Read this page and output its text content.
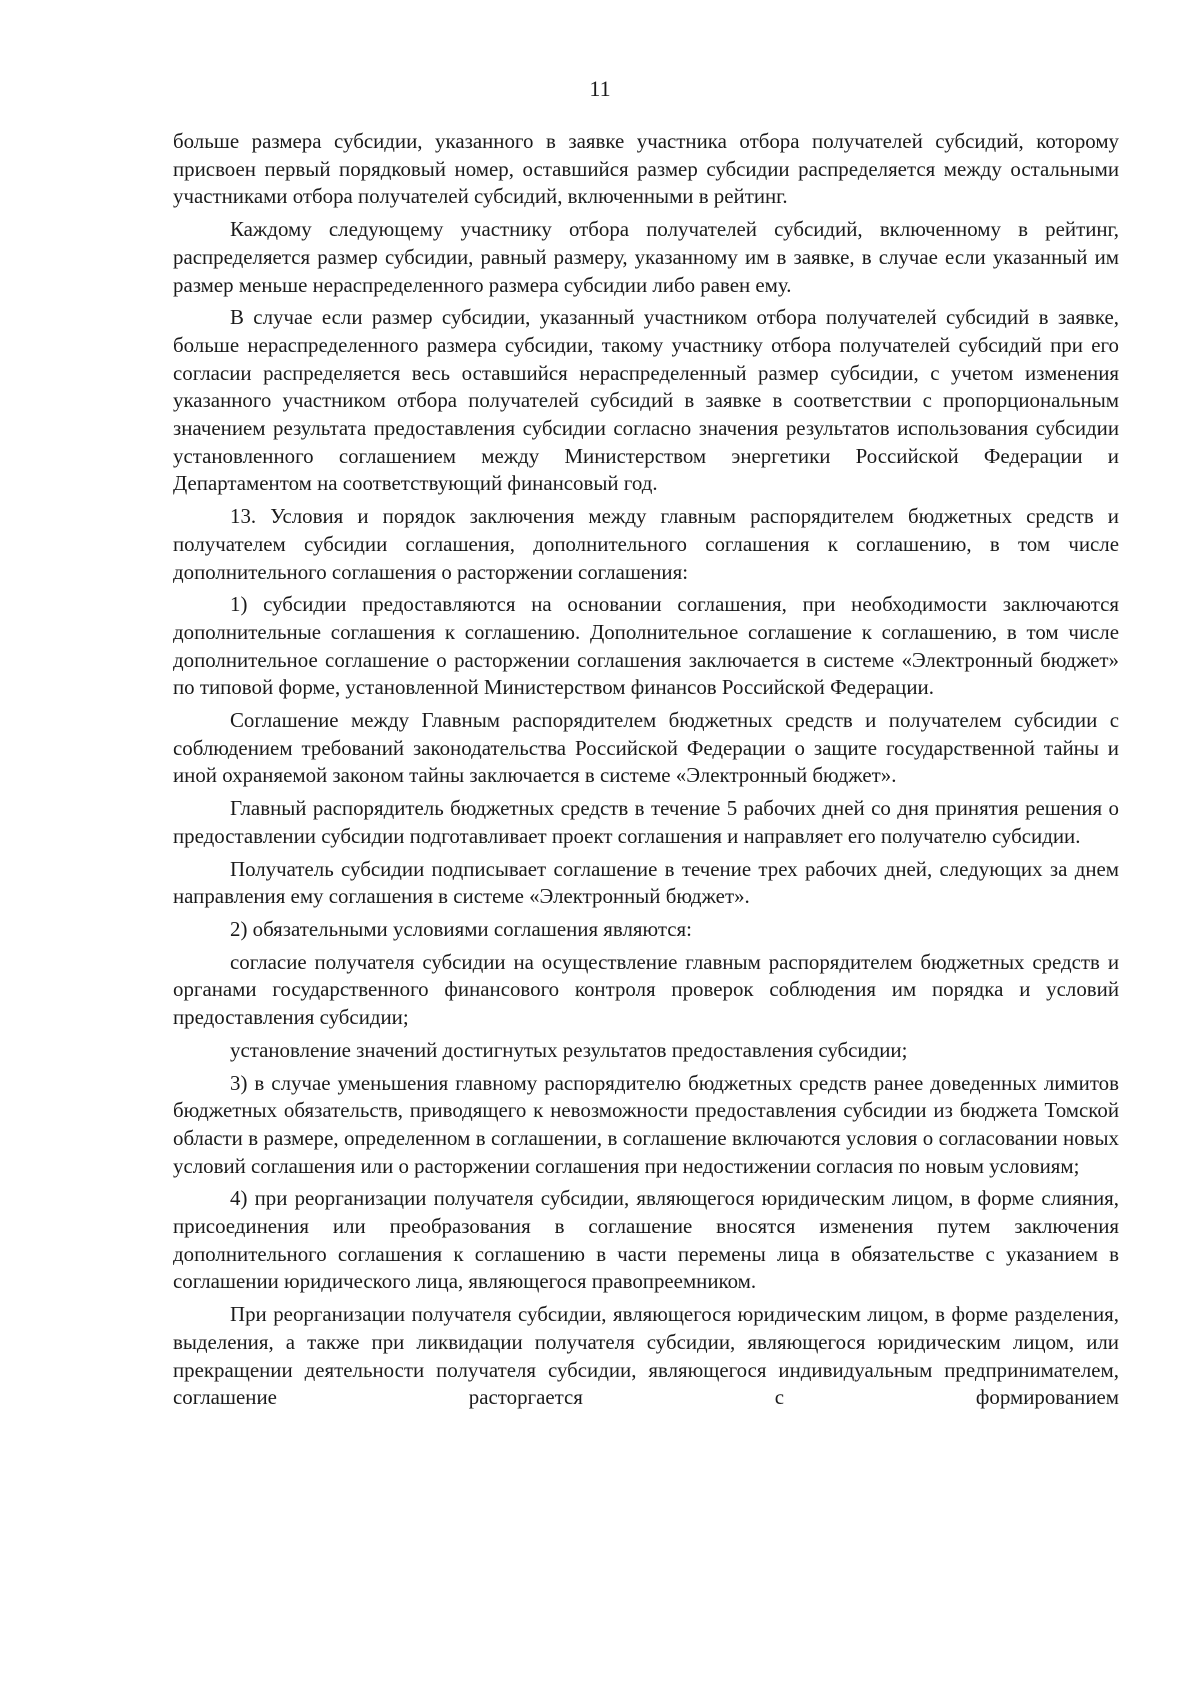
11

больше размера субсидии, указанного в заявке участника отбора получателей субсидий, которому присвоен первый порядковый номер, оставшийся размер субсидии распределяется между остальными участниками отбора получателей субсидий, включенными в рейтинг.

Каждому следующему участнику отбора получателей субсидий, включенному в рейтинг, распределяется размер субсидии, равный размеру, указанному им в заявке, в случае если указанный им размер меньше нераспределенного размера субсидии либо равен ему.

В случае если размер субсидии, указанный участником отбора получателей субсидий в заявке, больше нераспределенного размера субсидии, такому участнику отбора получателей субсидий при его согласии распределяется весь оставшийся нераспределенный размер субсидии, с учетом изменения указанного участником отбора получателей субсидий в заявке в соответствии с пропорциональным значением результата предоставления субсидии согласно значения результатов использования субсидии установленного соглашением между Министерством энергетики Российской Федерации и Департаментом на соответствующий финансовый год.

13. Условия и порядок заключения между главным распорядителем бюджетных средств и получателем субсидии соглашения, дополнительного соглашения к соглашению, в том числе дополнительного соглашения о расторжении соглашения:

1) субсидии предоставляются на основании соглашения, при необходимости заключаются дополнительные соглашения к соглашению. Дополнительное соглашение к соглашению, в том числе дополнительное соглашение о расторжении соглашения заключается в системе «Электронный бюджет» по типовой форме, установленной Министерством финансов Российской Федерации.

Соглашение между Главным распорядителем бюджетных средств и получателем субсидии с соблюдением требований законодательства Российской Федерации о защите государственной тайны и иной охраняемой законом тайны заключается в системе «Электронный бюджет».

Главный распорядитель бюджетных средств в течение 5 рабочих дней со дня принятия решения о предоставлении субсидии подготавливает проект соглашения и направляет его получателю субсидии.

Получатель субсидии подписывает соглашение в течение трех рабочих дней, следующих за днем направления ему соглашения в системе «Электронный бюджет».

2) обязательными условиями соглашения являются:

согласие получателя субсидии на осуществление главным распорядителем бюджетных средств и органами государственного финансового контроля проверок соблюдения им порядка и условий предоставления субсидии;

установление значений достигнутых результатов предоставления субсидии;

3) в случае уменьшения главному распорядителю бюджетных средств ранее доведенных лимитов бюджетных обязательств, приводящего к невозможности предоставления субсидии из бюджета Томской области в размере, определенном в соглашении, в соглашение включаются условия о согласовании новых условий соглашения или о расторжении соглашения при недостижении согласия по новым условиям;

4) при реорганизации получателя субсидии, являющегося юридическим лицом, в форме слияния, присоединения или преобразования в соглашение вносятся изменения путем заключения дополнительного соглашения к соглашению в части перемены лица в обязательстве с указанием в соглашении юридического лица, являющегося правопреемником.

При реорганизации получателя субсидии, являющегося юридическим лицом, в форме разделения, выделения, а также при ликвидации получателя субсидии, являющегося юридическим лицом, или прекращении деятельности получателя субсидии, являющегося индивидуальным предпринимателем, соглашение расторгается с формированием
